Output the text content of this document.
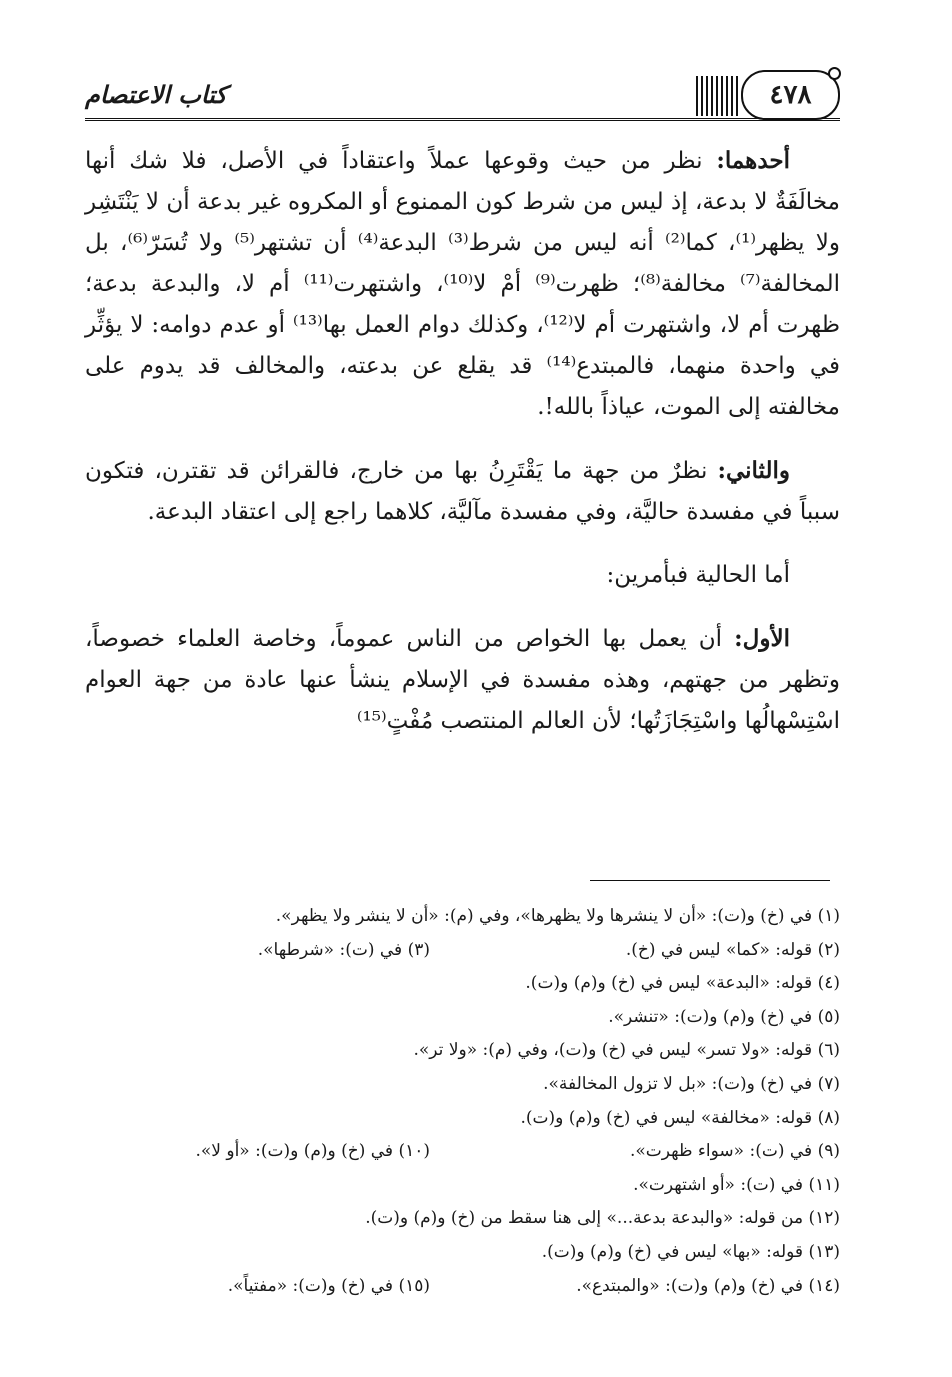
كتاب الاعتصام	٤٧٨

أحدهما: نظر من حيث وقوعها عملاً واعتقاداً في الأصل، فلا شك أنها مخالَفَةٌ لا بدعة، إذ ليس من شرط كون الممنوع أو المكروه غير بدعة أن لا يَنْتَشِر ولا يظهر⁽¹⁾، كما⁽²⁾ أنه ليس من شرط⁽³⁾ البدعة⁽⁴⁾ أن تشتهر⁽⁵⁾ ولا تُسَرّ⁽⁶⁾، بل المخالفة⁽⁷⁾ مخالفة⁽⁸⁾؛ ظهرت⁽⁹⁾ أمْ لا⁽¹⁰⁾، واشتهرت⁽¹¹⁾ أم لا، والبدعة بدعة؛ ظهرت أم لا، واشتهرت أم لا⁽¹²⁾، وكذلك دوام العمل بها⁽¹³⁾ أو عدم دوامه: لا يؤثِّر في واحدة منهما، فالمبتدع⁽¹⁴⁾ قد يقلع عن بدعته، والمخالف قد يدوم على مخالفته إلى الموت، عياذاً بالله!.

والثاني: نظرٌ من جهة ما يَقْتَرِنُ بها من خارج، فالقرائن قد تقترن، فتكون سبباً في مفسدة حاليَّة، وفي مفسدة مآليَّة، كلاهما راجع إلى اعتقاد البدعة.

أما الحالية فبأمرين:

الأول: أن يعمل بها الخواص من الناس عموماً، وخاصة العلماء خصوصاً، وتظهر من جهتهم، وهذه مفسدة في الإسلام ينشأ عنها عادة من جهة العوام اسْتِسْهالُها واسْتِجَازَتُها؛ لأن العالم المنتصب مُفْتٍ⁽¹⁵⁾

(١) في (خ) و(ت): «أن لا ينشرها ولا يظهرها»، وفي (م): «أن لا ينشر ولا يظهر».
(٢) قوله: «كما» ليس في (خ).
(٣) في (ت): «شرطها».
(٤) قوله: «البدعة» ليس في (خ) و(م) و(ت).
(٥) في (خ) و(م) و(ت): «تنشر».
(٦) قوله: «ولا تسر» ليس في (خ) و(ت)، وفي (م): «ولا تر».
(٧) في (خ) و(ت): «بل لا تزول المخالفة».
(٨) قوله: «مخالفة» ليس في (خ) و(م) و(ت).
(٩) في (ت): «سواء ظهرت».
(١٠) في (خ) و(م) و(ت): «أو لا».
(١١) في (ت): «أو اشتهرت».
(١٢) من قوله: «والبدعة بدعة...» إلى هنا سقط من (خ) و(م) و(ت).
(١٣) قوله: «بها» ليس في (خ) و(م) و(ت).
(١٤) في (خ) و(م) و(ت): «والمبتدع».
(١٥) في (خ) و(ت): «مفتياً».
